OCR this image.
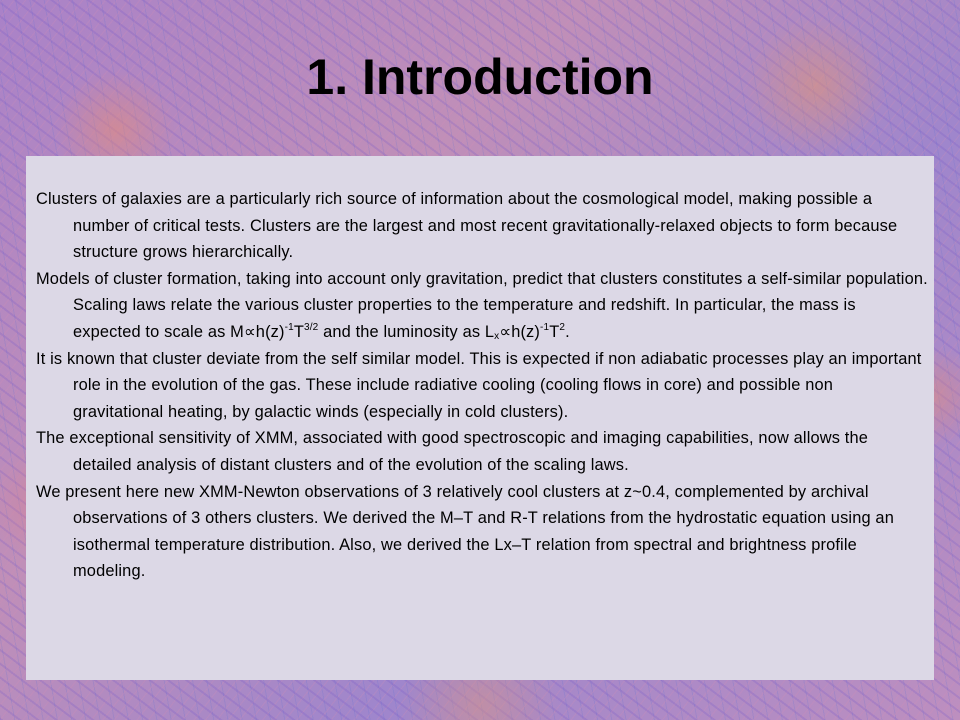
1. Introduction

Clusters of galaxies are a particularly rich source of information about the cosmological model, making possible a number of critical tests. Clusters are the largest and most recent gravitationally-relaxed objects to form because structure grows hierarchically.

Models of cluster formation, taking into account only gravitation, predict that clusters constitutes a self-similar population. Scaling laws relate the various cluster properties to the temperature and redshift. In particular, the mass is expected to scale as $M\propto h(z)^{-1}T^{3/2}$ and the luminosity as $L_x\propto h(z)^{-1}T^2$.

It is known that cluster deviate from the self similar model. This is expected if non adiabatic processes play an important role in the evolution of the gas. These include radiative cooling (cooling flows in core) and possible non gravitational heating, by galactic winds (especially in cold clusters).

The exceptional sensitivity of XMM, associated with good spectroscopic and imaging capabilities, now allows the detailed analysis of distant clusters and of the evolution of the scaling laws.

We present here new XMM-Newton observations of 3 relatively cool clusters at z~0.4, complemented by archival observations of 3 others clusters. We derived the M–T and R-T relations from the hydrostatic equation using an isothermal temperature distribution. Also, we derived the Lx–T relation from spectral and brightness profile modeling.
